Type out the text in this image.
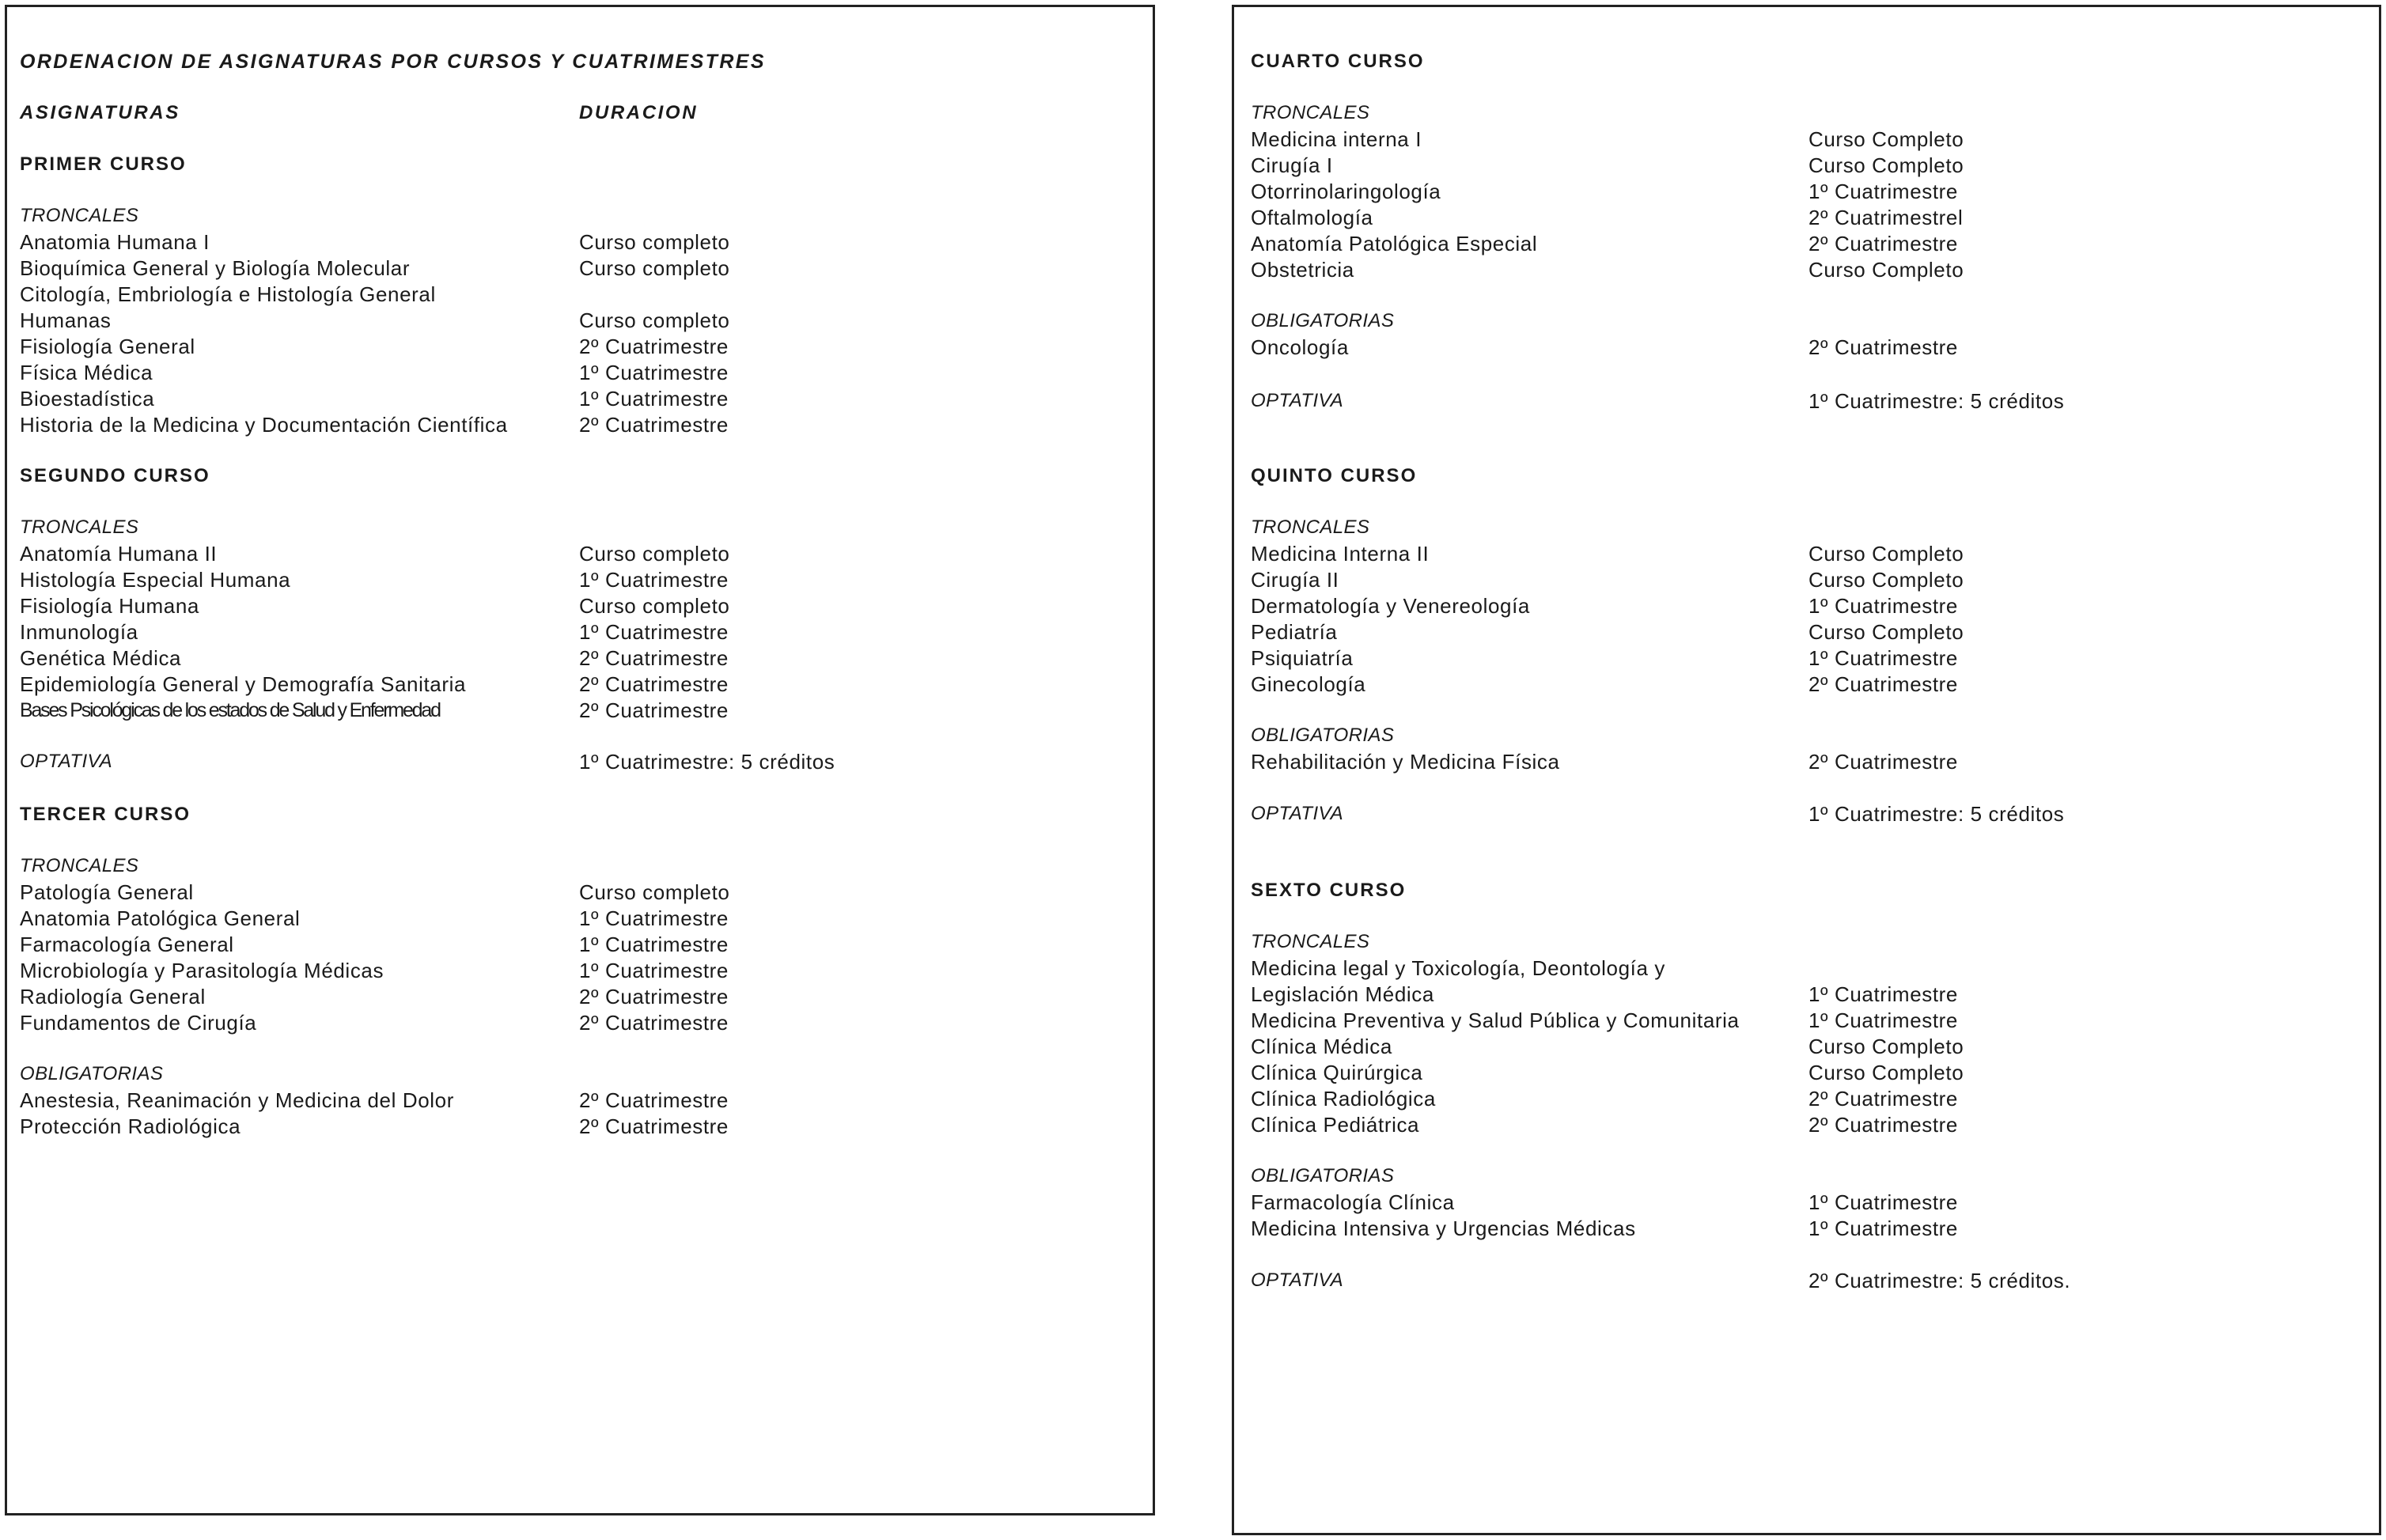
ORDENACION DE ASIGNATURAS POR CURSOS Y CUATRIMESTRES
ASIGNATURAS	DURACION
PRIMER CURSO
TRONCALES
Anatomia Humana I	Curso completo
Bioquímica General y Biología Molecular	Curso completo
Citología, Embriología e Histología General
Humanas	Curso completo
Fisiología General	2º Cuatrimestre
Física Médica	1º Cuatrimestre
Bioestadística	1º Cuatrimestre
Historia de la Medicina y Documentación Científica	2º Cuatrimestre
SEGUNDO CURSO
TRONCALES
Anatomía Humana II	Curso completo
Histología Especial Humana	1º Cuatrimestre
Fisiología Humana	Curso completo
Inmunología	1º Cuatrimestre
Genética Médica	2º Cuatrimestre
Epidemiología General y Demografía Sanitaria	2º Cuatrimestre
Bases Psicológicas de los estados de Salud y Enfermedad	2º Cuatrimestre
OPTATIVA	1º Cuatrimestre: 5 créditos
TERCER CURSO
TRONCALES
Patología General	Curso completo
Anatomia Patológica General	1º Cuatrimestre
Farmacología General	1º Cuatrimestre
Microbiología y Parasitología Médicas	1º Cuatrimestre
Radiología General	2º Cuatrimestre
Fundamentos de Cirugía	2º Cuatrimestre
OBLIGATORIAS
Anestesia, Reanimación y Medicina del Dolor	2º Cuatrimestre
Protección Radiológica	2º Cuatrimestre
CUARTO CURSO
TRONCALES
Medicina interna I	Curso Completo
Cirugía I	Curso Completo
Otorrinolaringología	1º Cuatrimestre
Oftalmología	2º Cuatrimestrel
Anatomía Patológica Especial	2º Cuatrimestre
Obstetricia	Curso Completo
OBLIGATORIAS
Oncología	2º Cuatrimestre
OPTATIVA	1º Cuatrimestre: 5 créditos
QUINTO CURSO
TRONCALES
Medicina Interna II	Curso Completo
Cirugía II	Curso Completo
Dermatología y Venereología	1º Cuatrimestre
Pediatría	Curso Completo
Psiquiatría	1º Cuatrimestre
Ginecología	2º Cuatrimestre
OBLIGATORIAS
Rehabilitación y Medicina Física	2º Cuatrimestre
OPTATIVA	1º Cuatrimestre: 5 créditos
SEXTO CURSO
TRONCALES
Medicina legal y Toxicología, Deontología y
Legislación Médica	1º Cuatrimestre
Medicina Preventiva y Salud Pública y Comunitaria	1º Cuatrimestre
Clínica Médica	Curso Completo
Clínica Quirúrgica	Curso Completo
Clínica Radiológica	2º Cuatrimestre
Clínica Pediátrica	2º Cuatrimestre
OBLIGATORIAS
Farmacología Clínica	1º Cuatrimestre
Medicina Intensiva y Urgencias Médicas	1º Cuatrimestre
OPTATIVA	2º Cuatrimestre: 5 créditos.
